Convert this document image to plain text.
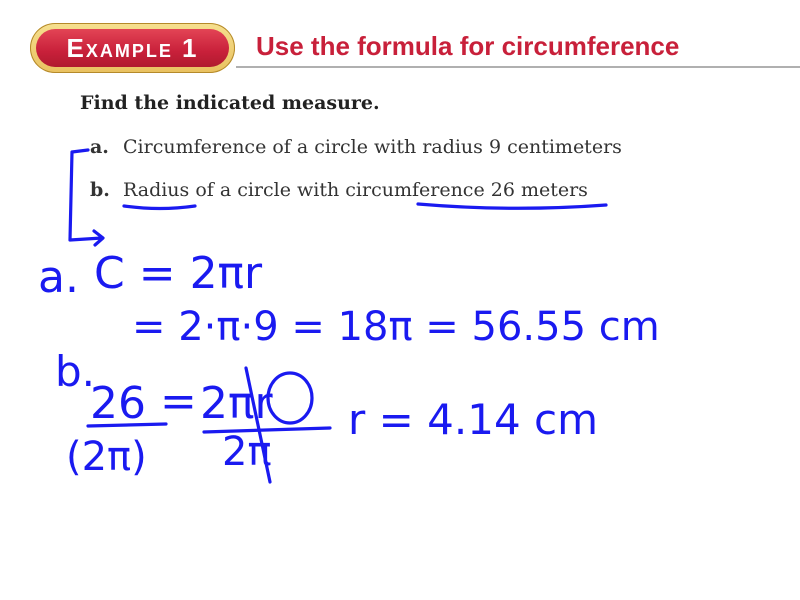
Example 1	Use the formula for circumference
Find the indicated measure.
a. Circumference of a circle with radius 9 centimeters
b. Radius of a circle with circumference 26 meters
a. C = 2πr
= 2·π·9 = 18π = 56.55 cm
b.
26
(2π)
= 2πr
2π
r = 4.14 cm
